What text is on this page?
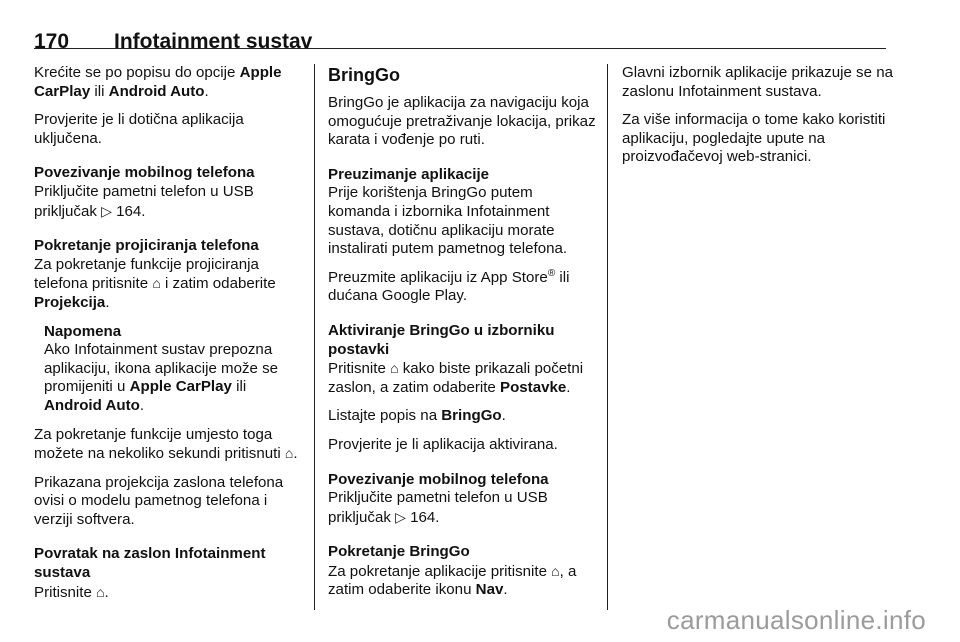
170 Infotainment sustav

Krećite se po popisu do opcije Apple CarPlay ili Android Auto.

Provjerite je li dotična aplikacija uključena.

Povezivanje mobilnog telefona

Priključite pametni telefon u USB priključak ▷ 164.

Pokretanje projiciranja telefona

Za pokretanje funkcije projiciranja telefona pritisnite ⌂ i zatim odaberite Projekcija.

Napomena
Ako Infotainment sustav prepozna aplikaciju, ikona aplikacije može se promijeniti u Apple CarPlay ili
Android Auto.

Za pokretanje funkcije umjesto toga možete na nekoliko sekundi pritisnuti ⌂.

Prikazana projekcija zaslona telefona ovisi o modelu pametnog telefona i verziji softvera.

Povratak na zaslon Infotainment sustava

Pritisnite ⌂.

BringGo

BringGo je aplikacija za navigaciju koja omogućuje pretraživanje lokacija, prikaz karata i vođenje po ruti.

Preuzimanje aplikacije

Prije korištenja BringGo putem komanda i izbornika Infotainment sustava, dotičnu aplikaciju morate instalirati putem pametnog telefona.

Preuzmite aplikaciju iz App Store® ili dućana Google Play.

Aktiviranje BringGo u izborniku postavki

Pritisnite ⌂ kako biste prikazali početni zaslon, a zatim odaberite Postavke.

Listajte popis na BringGo.

Provjerite je li aplikacija aktivirana.

Povezivanje mobilnog telefona

Priključite pametni telefon u USB priključak ▷ 164.

Pokretanje BringGo

Za pokretanje aplikacije pritisnite ⌂, a zatim odaberite ikonu Nav.

Glavni izbornik aplikacije prikazuje se na zaslonu Infotainment sustava.

Za više informacija o tome kako koristiti aplikaciju, pogledajte upute na proizvođačevoj web-stranici.

carmanualsonline.info
